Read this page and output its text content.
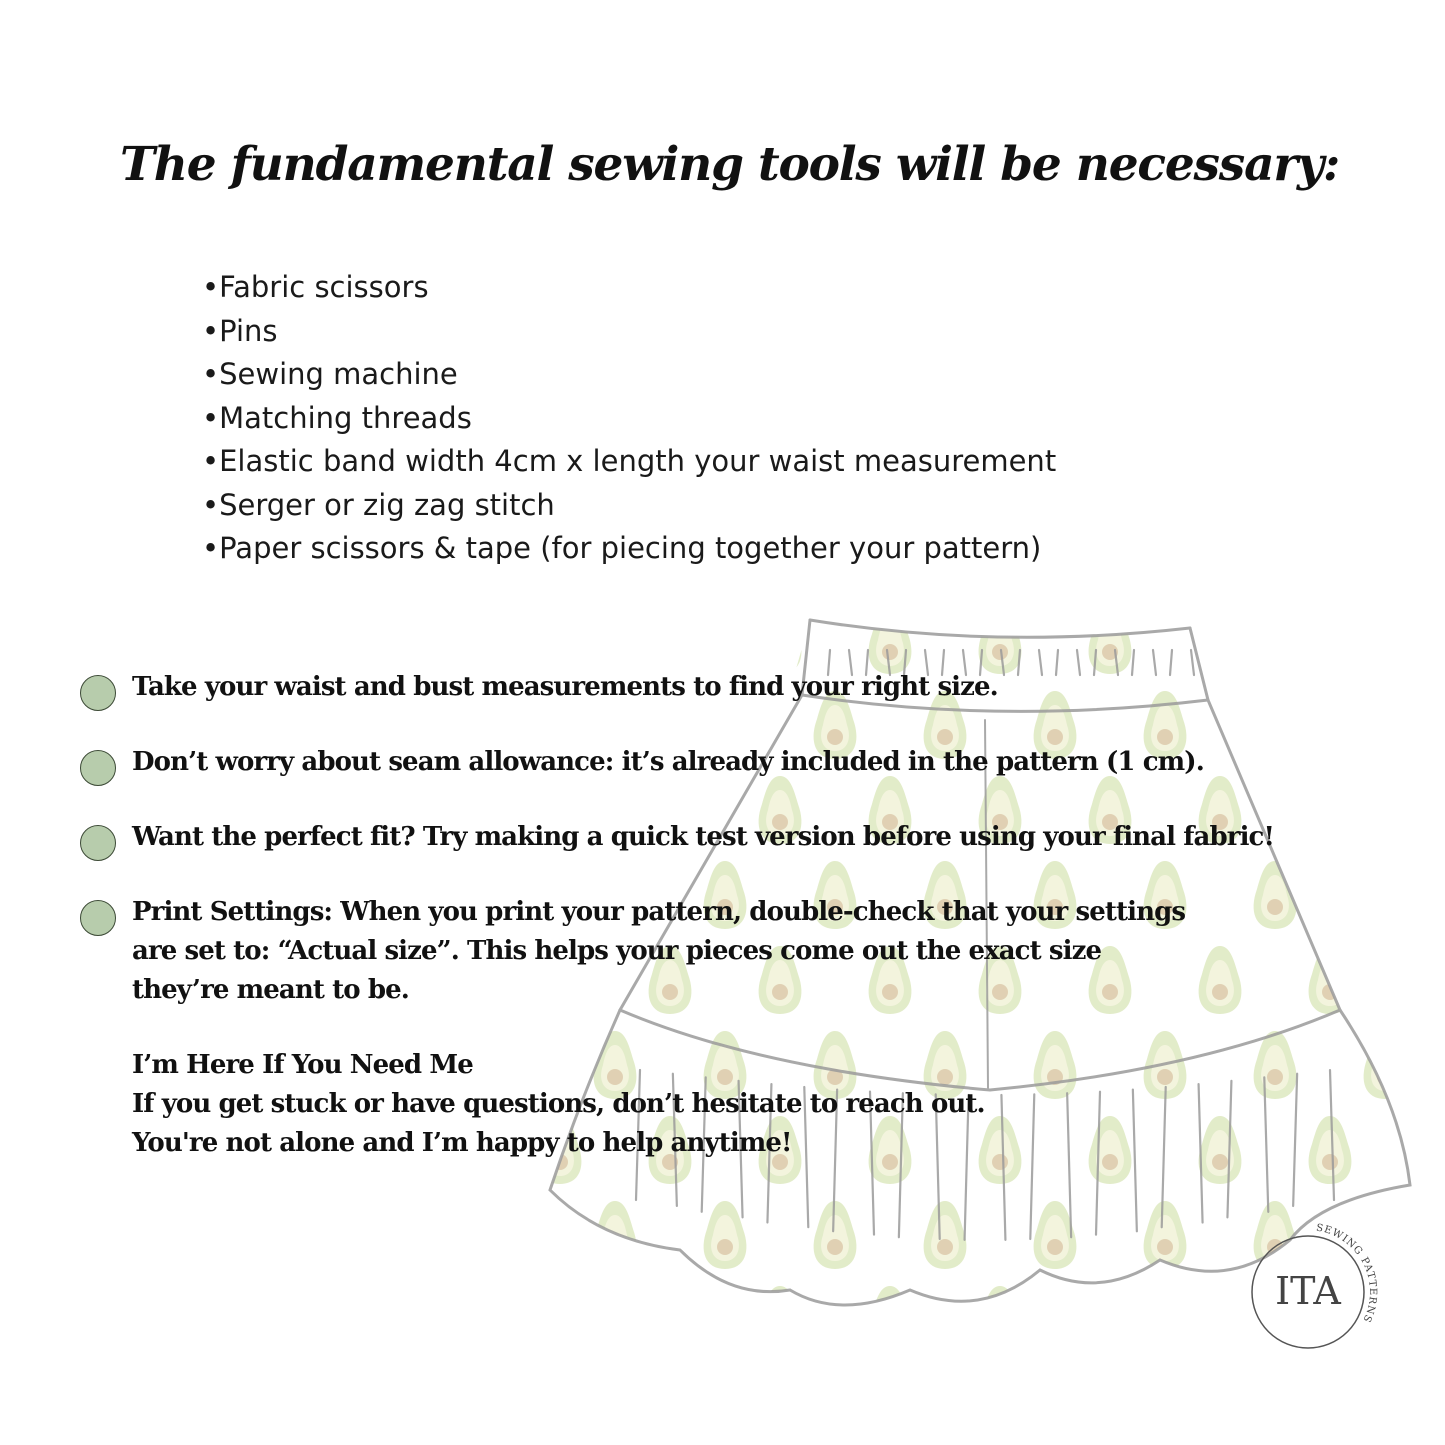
The fundamental sewing tools will be necessary:
• Fabric scissors
• Pins
• Sewing machine
• Matching threads
• Elastic band width 4cm x length your waist measurement
• Serger or zig zag stitch
• Paper scissors & tape (for piecing together your pattern)

Take your waist and bust measurements to find your right size.

Don’t worry about seam allowance: it’s already included in the pattern (1 cm).

Want the perfect fit? Try making a quick test version before using your final fabric!

Print Settings: When you print your pattern, double-check that your settings

are set to: “Actual size”. This helps your pieces come out the exact size

they’re meant to be.

I’m Here If You Need Me

If you get stuck or have questions, don’t hesitate to reach out.

You're not alone and I’m happy to help anytime!

ITA
SEWING PATTERNS
